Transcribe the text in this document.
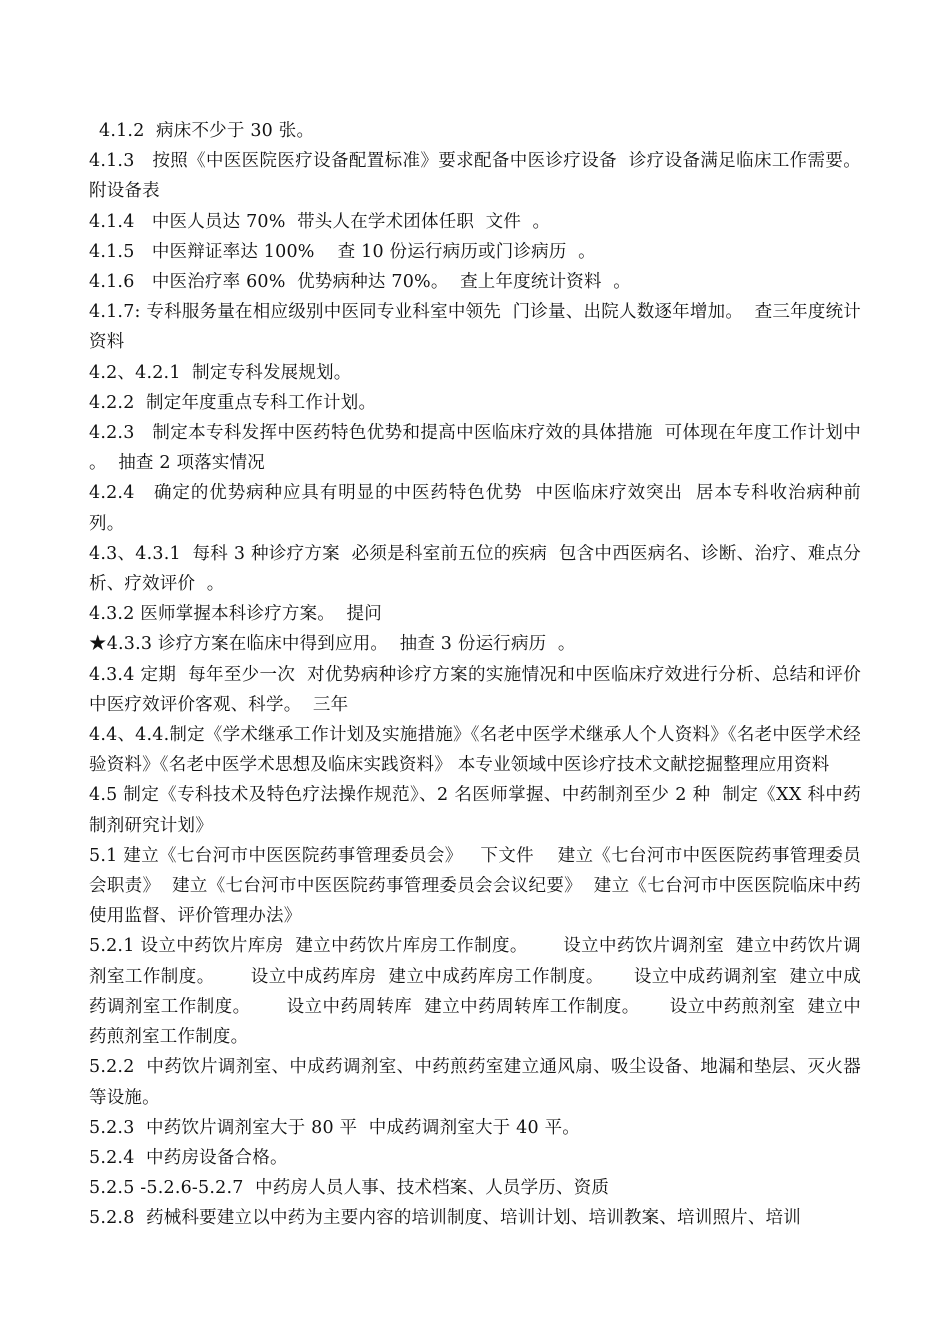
4.1.2  病床不少于 30 张。

4.1.3   按照《中医医院医疗设备配置标准》要求配备中医诊疗设备  诊疗设备满足临床工作需要。  附设备表

4.1.4   中医人员达 70%  带头人在学术团体任职  文件  。

4.1.5   中医辩证率达 100%    查 10 份运行病历或门诊病历  。

4.1.6   中医治疗率 60%  优势病种达 70%。  查上年度统计资料  。

4.1.7: 专科服务量在相应级别中医同专业科室中领先  门诊量、出院人数逐年增加。  查三年度统计资料

4.2、4.2.1  制定专科发展规划。

4.2.2  制定年度重点专科工作计划。

4.2.3   制定本专科发挥中医药特色优势和提高中医临床疗效的具体措施  可体现在年度工作计划中  。  抽查 2 项落实情况

4.2.4   确定的优势病种应具有明显的中医药特色优势  中医临床疗效突出  居本专科收治病种前列。

4.3、4.3.1  每科 3 种诊疗方案  必须是科室前五位的疾病  包含中西医病名、诊断、治疗、难点分析、疗效评价  。

4.3.2 医师掌握本科诊疗方案。  提问

★4.3.3 诊疗方案在临床中得到应用。  抽查 3 份运行病历  。

4.3.4 定期  每年至少一次  对优势病种诊疗方案的实施情况和中医临床疗效进行分析、总结和评价  中医疗效评价客观、科学。  三年

4.4、4.4.制定《学术继承工作计划及实施措施》《名老中医学术继承人个人资料》《名老中医学术经验资料》《名老中医学术思想及临床实践资料》 本专业领域中医诊疗技术文献挖掘整理应用资料

4.5 制定《专科技术及特色疗法操作规范》、2 名医师掌握、中药制剂至少 2 种  制定《XX 科中药制剂研究计划》

5.1 建立《七台河市中医医院药事管理委员会》   下文件    建立《七台河市中医医院药事管理委员会职责》  建立《七台河市中医医院药事管理委员会会议纪要》  建立《七台河市中医医院临床中药使用监督、评价管理办法》

5.2.1 设立中药饮片库房  建立中药饮片库房工作制度。      设立中药饮片调剂室  建立中药饮片调剂室工作制度。      设立中成药库房  建立中成药库房工作制度。     设立中成药调剂室  建立中成药调剂室工作制度。      设立中药周转库  建立中药周转库工作制度。     设立中药煎剂室  建立中药煎剂室工作制度。

5.2.2  中药饮片调剂室、中成药调剂室、中药煎药室建立通风扇、吸尘设备、地漏和垫层、灭火器等设施。

5.2.3  中药饮片调剂室大于 80 平  中成药调剂室大于 40 平。

5.2.4  中药房设备合格。

5.2.5 -5.2.6-5.2.7  中药房人员人事、技术档案、人员学历、资质

5.2.8  药械科要建立以中药为主要内容的培训制度、培训计划、培训教案、培训照片、培训
